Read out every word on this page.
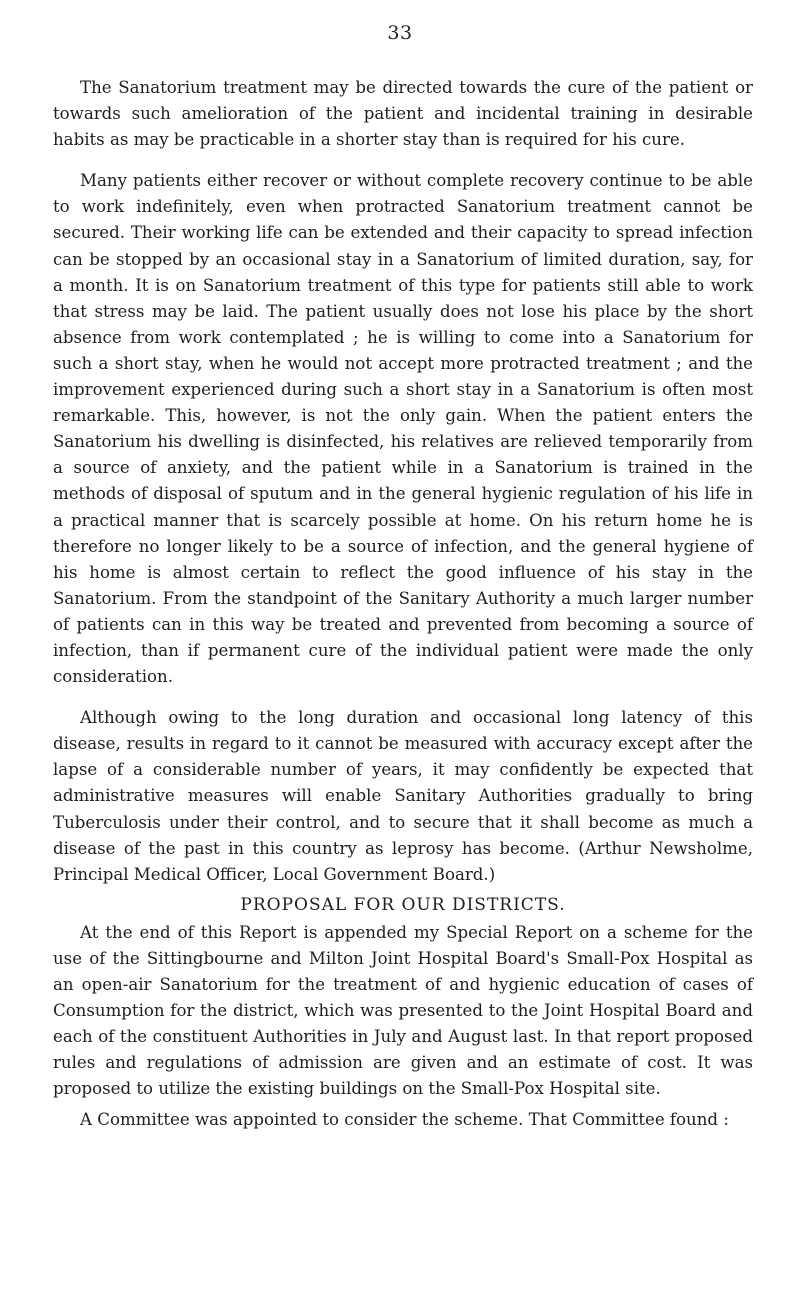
33

The Sanatorium treatment may be directed towards the cure of the patient or towards such amelioration of the patient and incidental training in desirable habits as may be practicable in a shorter stay than is required for his cure.

Many patients either recover or without complete recovery continue to be able to work indefinitely, even when protracted Sanatorium treatment cannot be secured. Their working life can be extended and their capacity to spread infection can be stopped by an occasional stay in a Sanatorium of limited duration, say, for a month. It is on Sanatorium treatment of this type for patients still able to work that stress may be laid. The patient usually does not lose his place by the short absence from work contemplated ; he is willing to come into a Sanatorium for such a short stay, when he would not accept more protracted treatment ; and the improvement experienced during such a short stay in a Sanatorium is often most remarkable. This, however, is not the only gain. When the patient enters the Sanatorium his dwelling is disinfected, his relatives are relieved temporarily from a source of anxiety, and the patient while in a Sanatorium is trained in the methods of disposal of sputum and in the general hygienic regulation of his life in a practical manner that is scarcely possible at home. On his return home he is therefore no longer likely to be a source of infection, and the general hygiene of his home is almost certain to reflect the good influence of his stay in the Sanatorium. From the standpoint of the Sanitary Authority a much larger number of patients can in this way be treated and prevented from becoming a source of infection, than if permanent cure of the individual patient were made the only consideration.

Although owing to the long duration and occasional long latency of this disease, results in regard to it cannot be measured with accuracy except after the lapse of a considerable number of years, it may confidently be expected that administrative measures will enable Sanitary Authorities gradually to bring Tuberculosis under their control, and to secure that it shall become as much a disease of the past in this country as leprosy has become. (Arthur Newsholme, Principal Medical Officer, Local Government Board.)

PROPOSAL FOR OUR DISTRICTS.

At the end of this Report is appended my Special Report on a scheme for the use of the Sittingbourne and Milton Joint Hospital Board's Small-Pox Hospital as an open-air Sanatorium for the treatment of and hygienic education of cases of Consumption for the district, which was presented to the Joint Hospital Board and each of the constituent Authorities in July and August last. In that report proposed rules and regulations of admission are given and an estimate of cost. It was proposed to utilize the existing buildings on the Small-Pox Hospital site.

A Committee was appointed to consider the scheme. That Committee found :
